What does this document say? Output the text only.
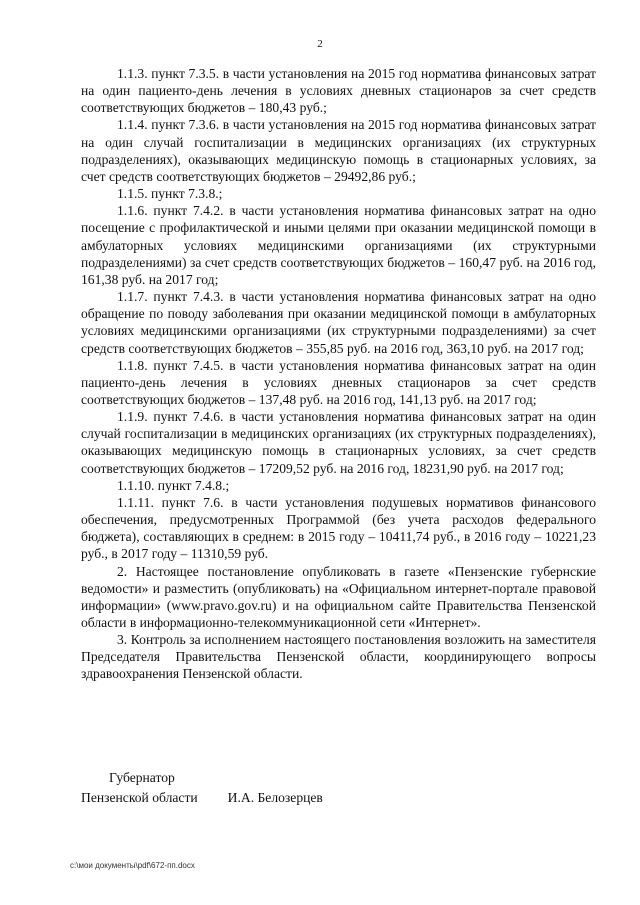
2

1.1.3. пункт 7.3.5. в части установления на 2015 год норматива финансовых затрат на один пациенто-день лечения в условиях дневных стационаров за счет средств соответствующих бюджетов – 180,43 руб.;

1.1.4. пункт 7.3.6. в части установления на 2015 год норматива финансовых затрат на один случай госпитализации в медицинских организациях (их структурных подразделениях), оказывающих медицинскую помощь в стационарных условиях, за счет средств соответствующих бюджетов – 29492,86 руб.;

1.1.5. пункт 7.3.8.;

1.1.6. пункт 7.4.2. в части установления норматива финансовых затрат на одно посещение с профилактической и иными целями при оказании медицинской помощи в амбулаторных условиях медицинскими организациями (их структурными подразделениями) за счет средств соответствующих бюджетов – 160,47 руб. на 2016 год, 161,38 руб. на 2017 год;

1.1.7. пункт 7.4.3. в части установления норматива финансовых затрат на одно обращение по поводу заболевания при оказании медицинской помощи в амбулаторных условиях медицинскими организациями (их структурными подразделениями) за счет средств соответствующих бюджетов – 355,85 руб. на 2016 год, 363,10 руб. на 2017 год;

1.1.8. пункт 7.4.5. в части установления норматива финансовых затрат на один пациенто-день лечения в условиях дневных стационаров за счет средств соответствующих бюджетов – 137,48 руб. на 2016 год, 141,13 руб. на 2017 год;

1.1.9. пункт 7.4.6. в части установления норматива финансовых затрат на один случай госпитализации в медицинских организациях (их структурных подразделениях), оказывающих медицинскую помощь в стационарных условиях, за счет средств соответствующих бюджетов – 17209,52 руб. на 2016 год, 18231,90 руб. на 2017 год;

1.1.10. пункт 7.4.8.;

1.1.11. пункт 7.6. в части установления подушевых нормативов финансового обеспечения, предусмотренных Программой (без учета расходов федерального бюджета), составляющих в среднем: в 2015 году – 10411,74 руб., в 2016 году – 10221,23 руб., в 2017 году – 11310,59 руб.

2. Настоящее постановление опубликовать в газете «Пензенские губернские ведомости» и разместить (опубликовать) на «Официальном интернет-портале правовой информации» (www.pravo.gov.ru) и на официальном сайте Правительства Пензенской области в информационно-телекоммуникационной сети «Интернет».

3. Контроль за исполнением настоящего постановления возложить на заместителя Председателя Правительства Пензенской области, координирующего вопросы здравоохранения Пензенской области.

Губернатор
Пензенской области И.А. Белозерцев
c:\мои документы\pdf\672-пп.docx
